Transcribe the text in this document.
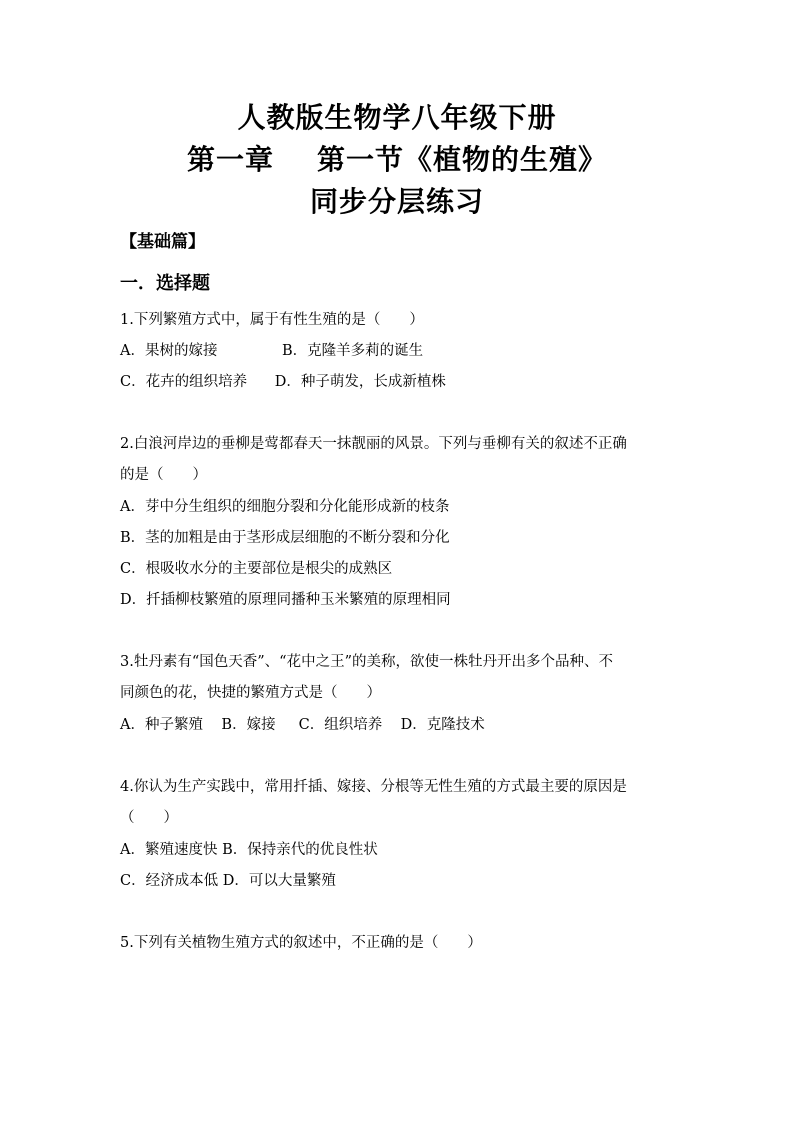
人教版生物学八年级下册
第一章    第一节《植物的生殖》
同步分层练习
【基础篇】
一．选择题
1.下列繁殖方式中，属于有性生殖的是（　　）
A．果树的嫁接              B．克隆羊多莉的诞生
C．花卉的组织培养      D．种子萌发，长成新植株
2.白浪河岸边的垂柳是莺都春天一抹靓丽的风景。下列与垂柳有关的叙述不正确
的是（　　）
A．芽中分生组织的细胞分裂和分化能形成新的枝条
B．茎的加粗是由于茎形成层细胞的不断分裂和分化
C．根吸收水分的主要部位是根尖的成熟区
D．扦插柳枝繁殖的原理同播种玉米繁殖的原理相同
3.牡丹素有“国色天香”、“花中之王”的美称，欲使一株牡丹开出多个品种、不
同颜色的花，快捷的繁殖方式是（　　）
A．种子繁殖    B．嫁接     C．组织培养    D．克隆技术
4.你认为生产实践中，常用扦插、嫁接、分根等无性生殖的方式最主要的原因是
（　　）
A．繁殖速度快 B．保持亲代的优良性状
C．经济成本低 D．可以大量繁殖
5.下列有关植物生殖方式的叙述中，不正确的是（　　）
